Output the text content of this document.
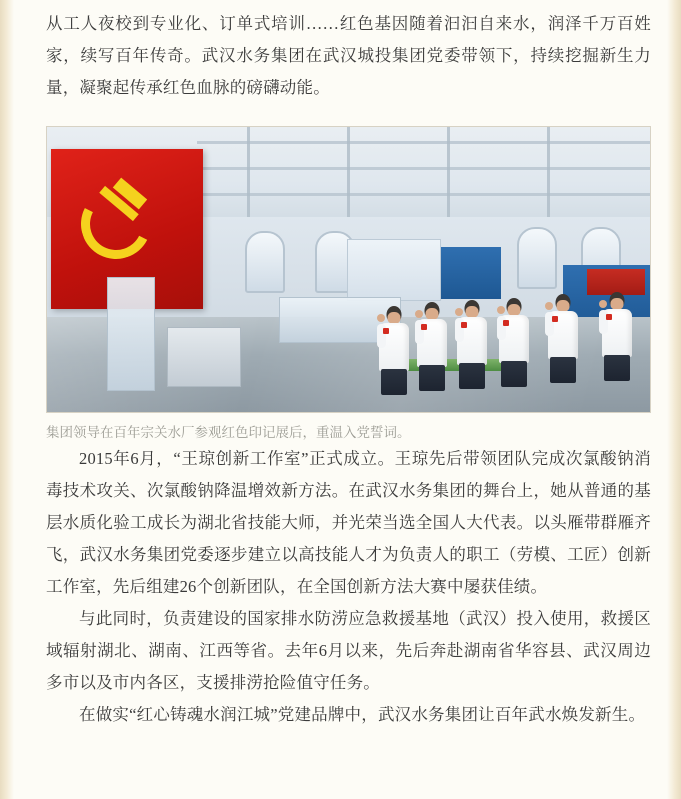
从工人夜校到专业化、订单式培训……红色基因随着汩汩自来水，润泽千万百姓家，续写百年传奇。武汉水务集团在武汉城投集团党委带领下，持续挖掘新生力量，凝聚起传承红色血脉的磅礴动能。

集团领导在百年宗关水厂参观红色印记展后，重温入党誓词。

2015年6月，“王琼创新工作室”正式成立。王琼先后带领团队完成次氯酸钠消毒技术攻关、次氯酸钠降温增效新方法。在武汉水务集团的舞台上，她从普通的基层水质化验工成长为湖北省技能大师，并光荣当选全国人大代表。以头雁带群雁齐飞，武汉水务集团党委逐步建立以高技能人才为负责人的职工（劳模、工匠）创新工作室，先后组建26个创新团队，在全国创新方法大赛中屡获佳绩。

与此同时，负责建设的国家排水防涝应急救援基地（武汉）投入使用，救援区域辐射湖北、湖南、江西等省。去年6月以来，先后奔赴湖南省华容县、武汉周边多市以及市内各区，支援排涝抢险值守任务。

在做实“红心铸魂水润江城”党建品牌中，武汉水务集团让百年武水焕发新生。
